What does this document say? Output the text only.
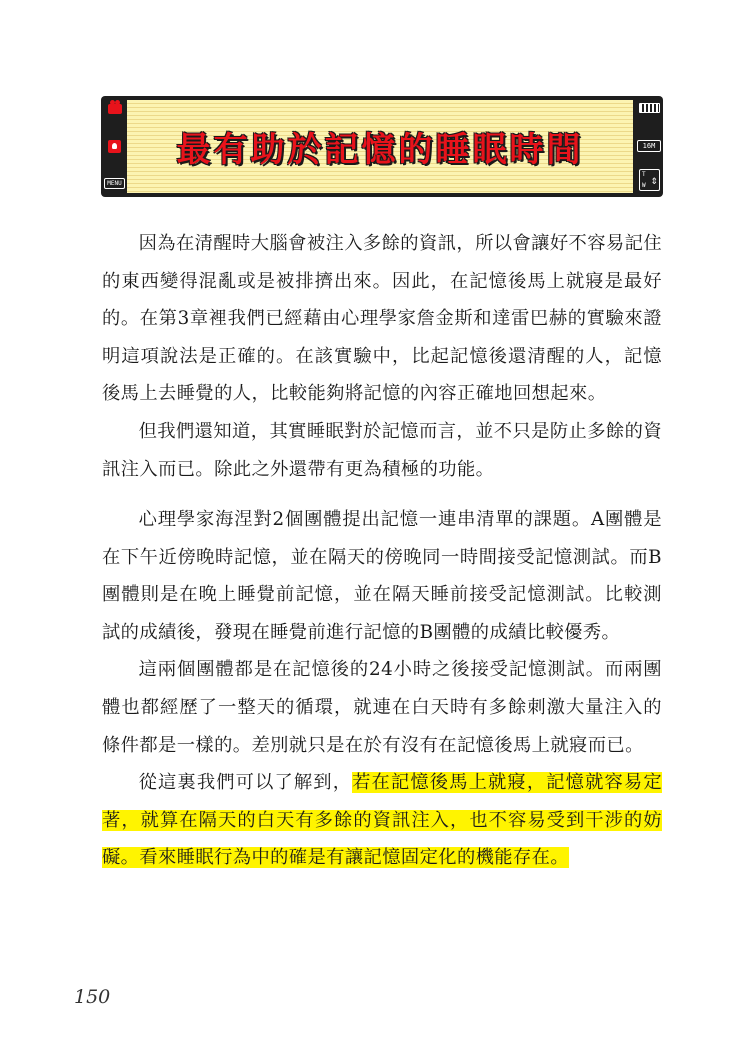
MENU
最有助於記憶的睡眠時間	16M
T
W ⇕

因為在清醒時大腦會被注入多餘的資訊，所以會讓好不容易記住的東西變得混亂或是被排擠出來。因此，在記憶後馬上就寢是最好的。在第3章裡我們已經藉由心理學家詹金斯和達雷巴赫的實驗來證明這項說法是正確的。在該實驗中，比起記憶後還清醒的人，記憶後馬上去睡覺的人，比較能夠將記憶的內容正確地回想起來。

但我們還知道，其實睡眠對於記憶而言，並不只是防止多餘的資訊注入而已。除此之外還帶有更為積極的功能。

心理學家海涅對2個團體提出記憶一連串清單的課題。A團體是在下午近傍晚時記憶，並在隔天的傍晚同一時間接受記憶測試。而B團體則是在晚上睡覺前記憶，並在隔天睡前接受記憶測試。比較測試的成績後，發現在睡覺前進行記憶的B團體的成績比較優秀。

這兩個團體都是在記憶後的24小時之後接受記憶測試。而兩團體也都經歷了一整天的循環，就連在白天時有多餘刺激大量注入的條件都是一樣的。差別就只是在於有沒有在記憶後馬上就寢而已。

從這裏我們可以了解到，若在記憶後馬上就寢，記憶就容易定著，就算在隔天的白天有多餘的資訊注入，也不容易受到干涉的妨礙。看來睡眠行為中的確是有讓記憶固定化的機能存在。

150
